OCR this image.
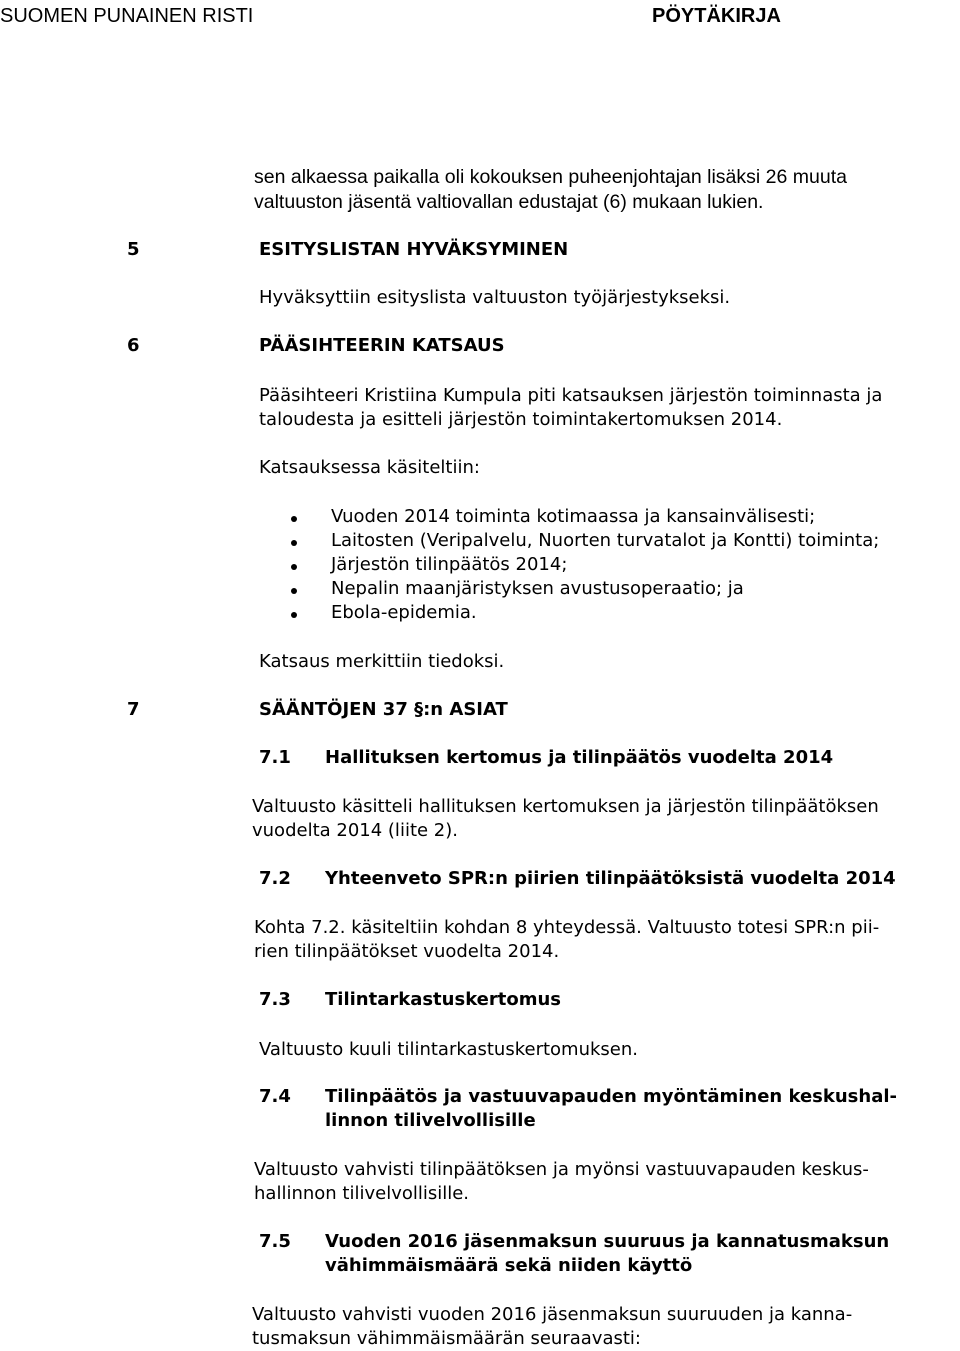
SUOMEN PUNAINEN RISTI	PÖYTÄKIRJA
sen alkaessa paikalla oli kokouksen puheenjohtajan lisäksi 26 muuta
valtuuston jäsentä valtiovallan edustajat (6) mukaan lukien.
5	ESITYSLISTAN HYVÄKSYMINEN
Hyväksyttiin esityslista valtuuston työjärjestykseksi.
6	PÄÄSIHTEERIN KATSAUS
Pääsihteeri Kristiina Kumpula piti katsauksen järjestön toiminnasta ja
taloudesta ja esitteli järjestön toimintakertomuksen 2014.
Katsauksessa käsiteltiin:
Vuoden 2014 toiminta kotimaassa ja kansainvälisesti;
Laitosten (Veripalvelu, Nuorten turvatalot ja Kontti) toiminta;
Järjestön tilinpäätös 2014;
Nepalin maanjäristyksen avustusoperaatio; ja
Ebola-epidemia.
Katsaus merkittiin tiedoksi.
7	SÄÄNTÖJEN 37 §:n ASIAT
7.1 Hallituksen kertomus ja tilinpäätös vuodelta 2014
Valtuusto käsitteli hallituksen kertomuksen ja järjestön tilinpäätöksen
vuodelta 2014 (liite 2).
7.2 Yhteenveto SPR:n piirien tilinpäätöksistä vuodelta 2014
Kohta 7.2. käsiteltiin kohdan 8 yhteydessä. Valtuusto totesi SPR:n pii-
rien tilinpäätökset vuodelta 2014.
7.3 Tilintarkastuskertomus
Valtuusto kuuli tilintarkastuskertomuksen.
7.4 Tilinpäätös ja vastuuvapauden myöntäminen keskushal-
linnon tilivelvollisille
Valtuusto vahvisti tilinpäätöksen ja myönsi vastuuvapauden keskus-
hallinnon tilivelvollisille.
7.5 Vuoden 2016 jäsenmaksun suuruus ja kannatusmaksun
vähimmäismäärä sekä niiden käyttö
Valtuusto vahvisti vuoden 2016 jäsenmaksun suuruuden ja kanna-
tusmaksun vähimmäismäärän seuraavasti:
